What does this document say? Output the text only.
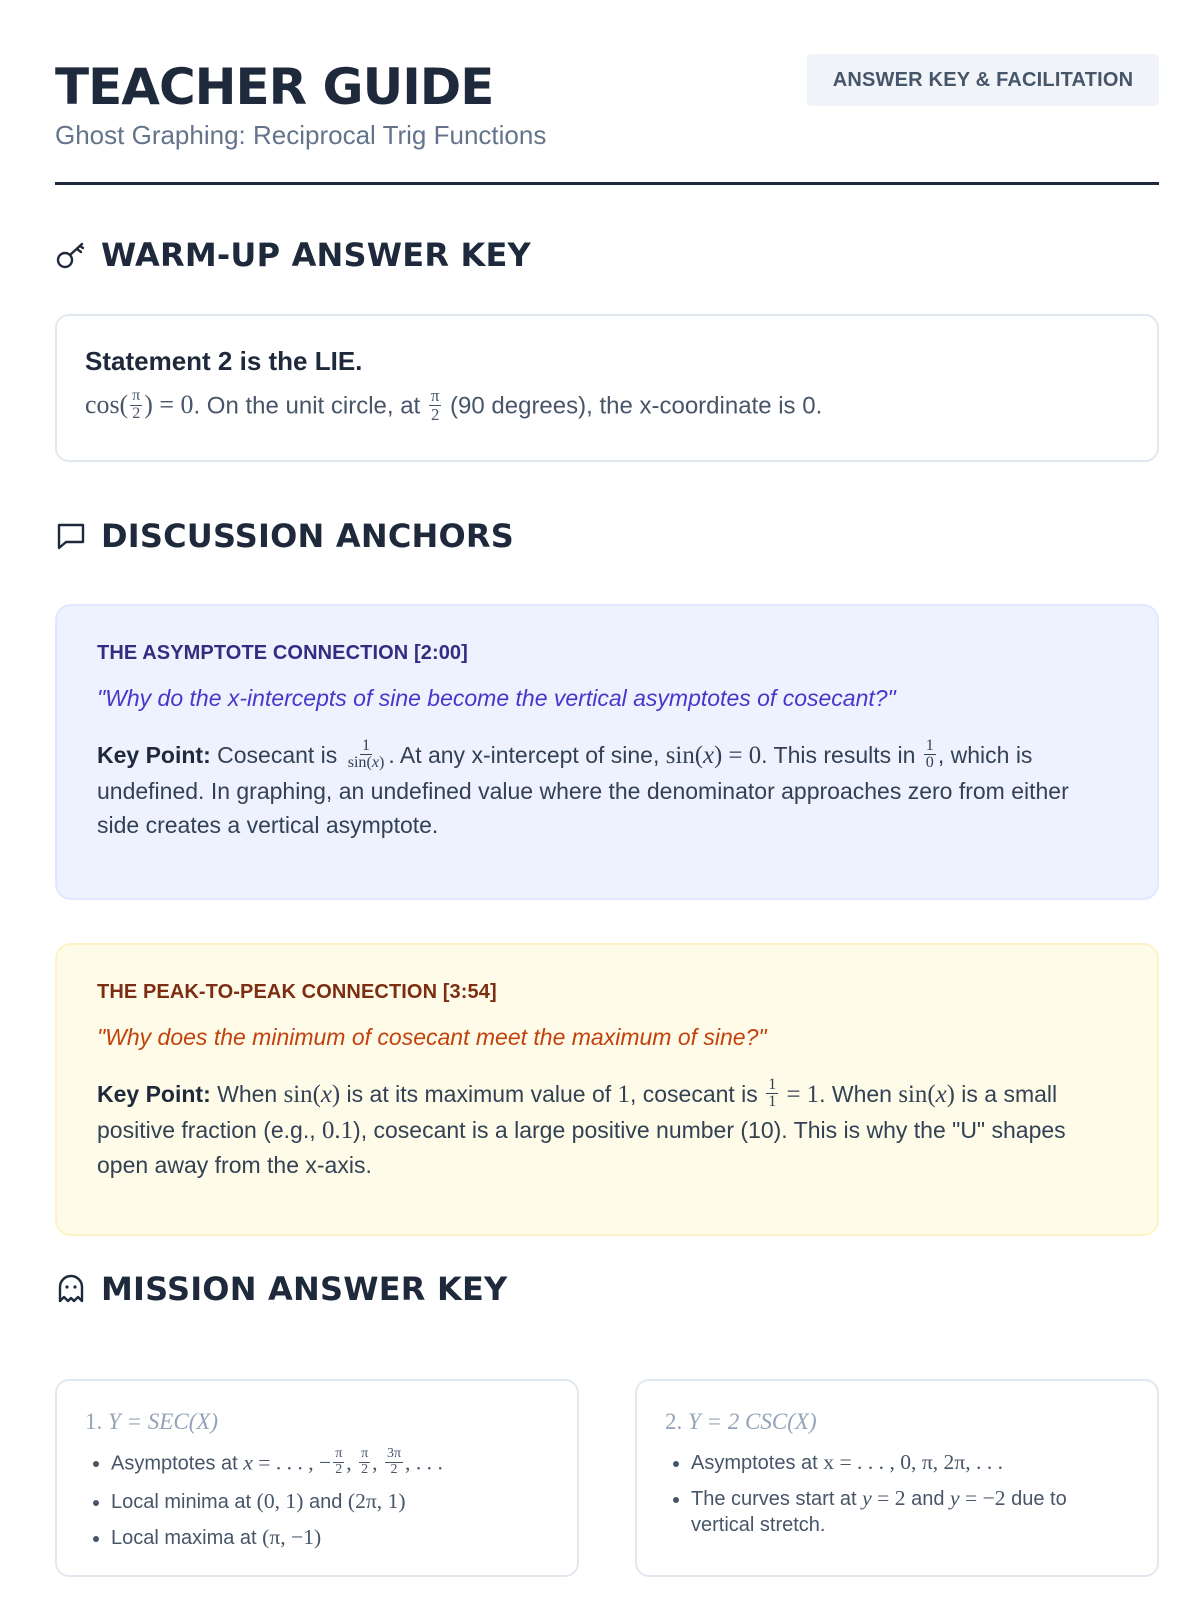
TEACHER GUIDE
Ghost Graphing: Reciprocal Trig Functions
ANSWER KEY & FACILITATION
WARM-UP ANSWER KEY
Statement 2 is the LIE.
$\cos( \frac{\pi}{2}$ ) = 0. On the unit circle, at $\frac{\pi}{2} (90$ degrees), the x-coordinate is 0.
DISCUSSION ANCHORS
THE ASYMPTOTE CONNECTION [2:00]
"Why do the x-intercepts of sine become the vertical asymptotes of cosecant?"
Key Point: Cosecant is $\frac{1}{\sin(x)}$ . At any x-intercept of sine, sin(x) = 0. This results in $\frac{1}{0}$ , which is undefined. In graphing, an undefined value where the denominator approaches zero from either side creates a vertical asymptote.
THE PEAK-TO-PEAK CONNECTION [3:54]
"Why does the minimum of cosecant meet the maximum of sine?"
Key Point: When sin(x) is at its maximum value of 1, cosecant is $\frac{1}{1} = 1$. When sin(x) is a small positive fraction (e.g., 0.1), cosecant is a large positive number (10). This is why the "U" shapes open away from the x-axis.
MISSION ANSWER KEY
1. Y = SEC(X)
• Asymptotes at x = . . . , − $\frac{\pi}{2}$ , $\frac{\pi}{2}$ , $\frac{3\pi}{2}$ , . . .
• Local minima at (0, 1) and (2π, 1)
• Local maxima at (π, −1)
2. Y = 2 CSC(X)
• Asymptotes at x = . . . , 0, π, 2π, . . .
• The curves start at y = 2 and y = −2 due to vertical stretch.
